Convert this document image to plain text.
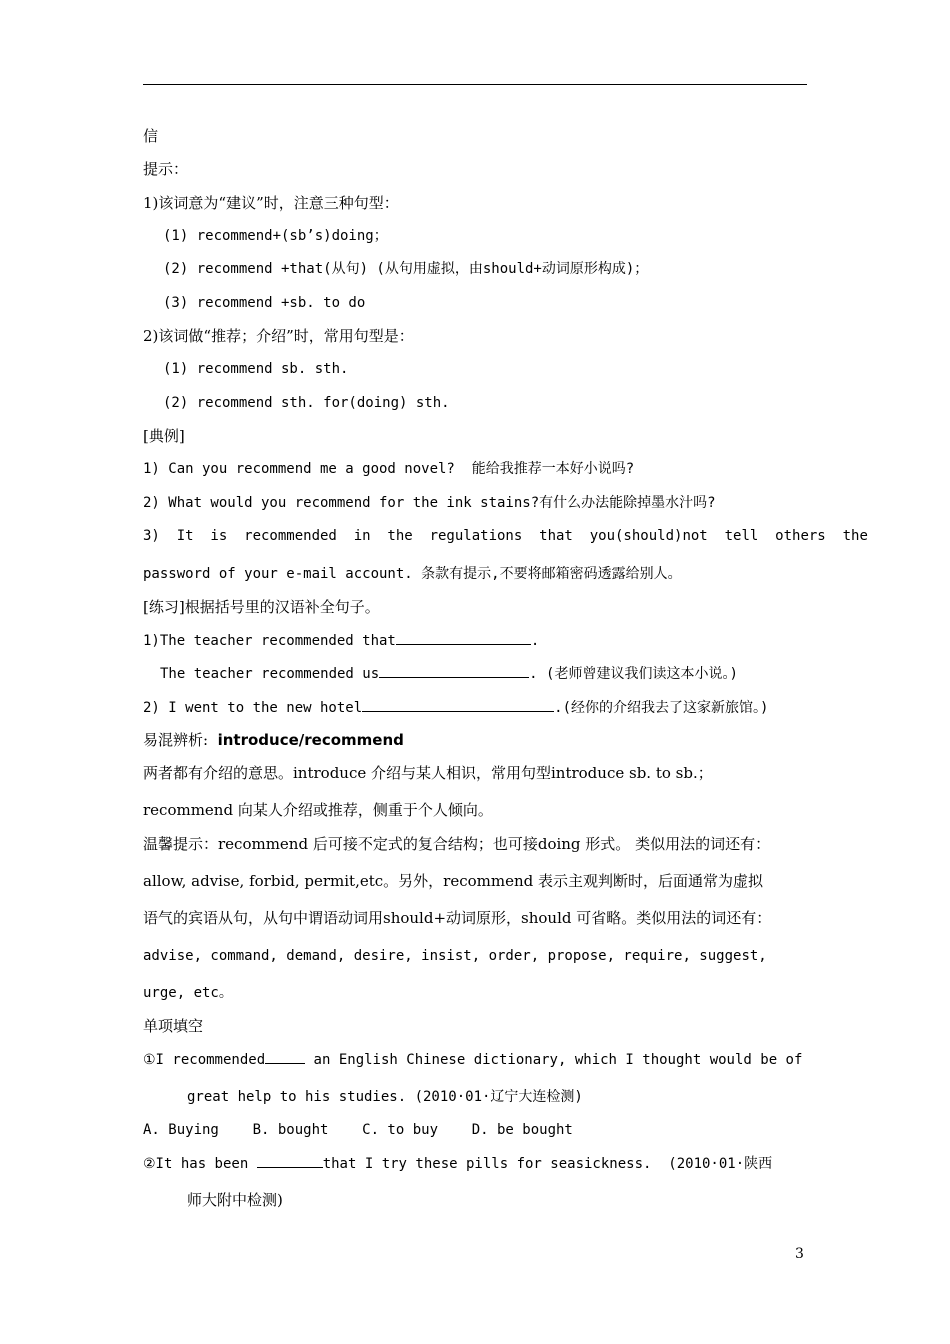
信
提示：
1)该词意为“建议”时，注意三种句型：
(1) recommend+(sb’s)doing；
(2) recommend +that(从句) (从句用虚拟，由should+动词原形构成)；
(3) recommend +sb. to do
2)该词做“推荐；介绍”时，常用句型是：
(1) recommend sb. sth.
(2) recommend sth. for(doing) sth.
[典例]
1) Can you recommend me a good novel?  能给我推荐一本好小说吗?
2) What would you recommend for the ink stains?有什么办法能除掉墨水汁吗?
3)  It  is  recommended  in  the  regulations  that  you(should)not  tell  others  the
password of your e-mail account. 条款有提示,不要将邮箱密码透露给别人。
[练习]根据括号里的汉语补全句子。
1)The teacher recommended that	.
The teacher recommended us	. (老师曾建议我们读这本小说。)
2) I went to the new hotel	.(经你的介绍我去了这家新旅馆。)
易混辨析:  introduce/recommend
两者都有介绍的意思。introduce 介绍与某人相识，常用句型introduce sb. to sb.；
recommend 向某人介绍或推荐，侧重于个人倾向。
温馨提示：recommend 后可接不定式的复合结构；也可接doing 形式。 类似用法的词还有：
allow, advise, forbid, permit,etc。另外，recommend 表示主观判断时，后面通常为虚拟
语气的宾语从句，从句中谓语动词用should+动词原形，should 可省略。类似用法的词还有：
advise, command, demand, desire, insist, order, propose, require, suggest,
urge, etc。
单项填空
①I recommended	an English Chinese dictionary, which I thought would be of
great help to his studies. (2010·01·辽宁大连检测)
A. Buying    B. bought    C. to buy    D. be bought
②It has been	that I try these pills for seasickness.  (2010·01·陕西
师大附中检测)
3
